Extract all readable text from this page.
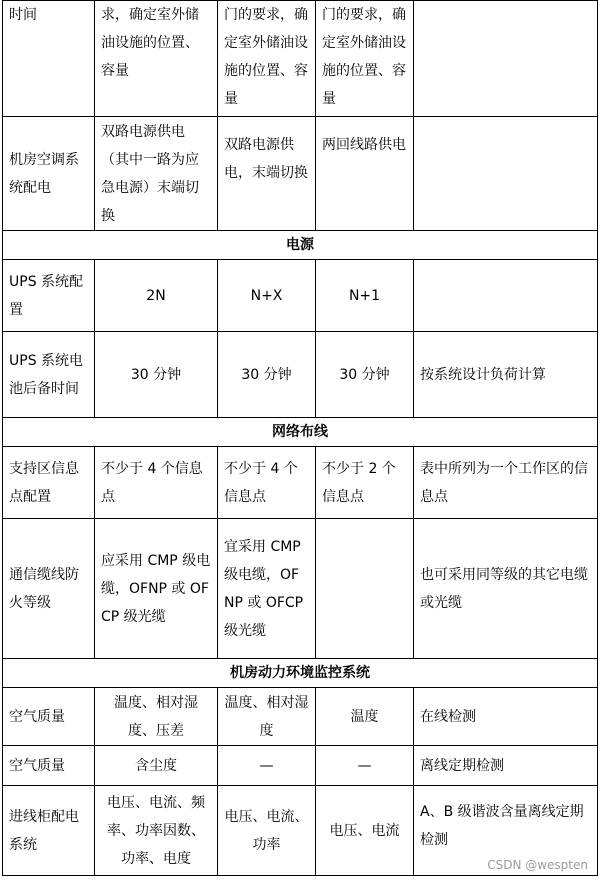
时间	求，确定室外储油设施的位置、容量	门的要求，确定室外储油设施的位置、容量	门的要求，确定室外储油设施的位置、容量	
机房空调系统配电	双路电源供电（其中一路为应急电源）末端切换	双路电源供电，末端切换	两回线路供电	
电源				
UPS 系统配置	2N	N+X	N+1	
UPS 系统电池后备时间	30 分钟	30 分钟	30 分钟	按系统设计负荷计算
网络布线				
支持区信息点配置	不少于 4 个信息点	不少于 4 个信息点	不少于 2 个信息点	表中所列为一个工作区的信息点
通信缆线防火等级	应采用 CMP 级电缆，OFNP 或 OFCP 级光缆	宜采用 CMP 级电缆，OFNP 或 OFCP 级光缆		也可采用同等级的其它电缆或光缆
机房动力环境监控系统				
空气质量	温度、相对湿度、压差	温度、相对湿度	温度	在线检测
空气质量	含尘度	—	—	离线定期检测
进线柜配电系统	电压、电流、频率、功率因数、功率、电度	电压、电流、功率	电压、电流	A、B 级谐波含量离线定期检测
CSDN @wespten
